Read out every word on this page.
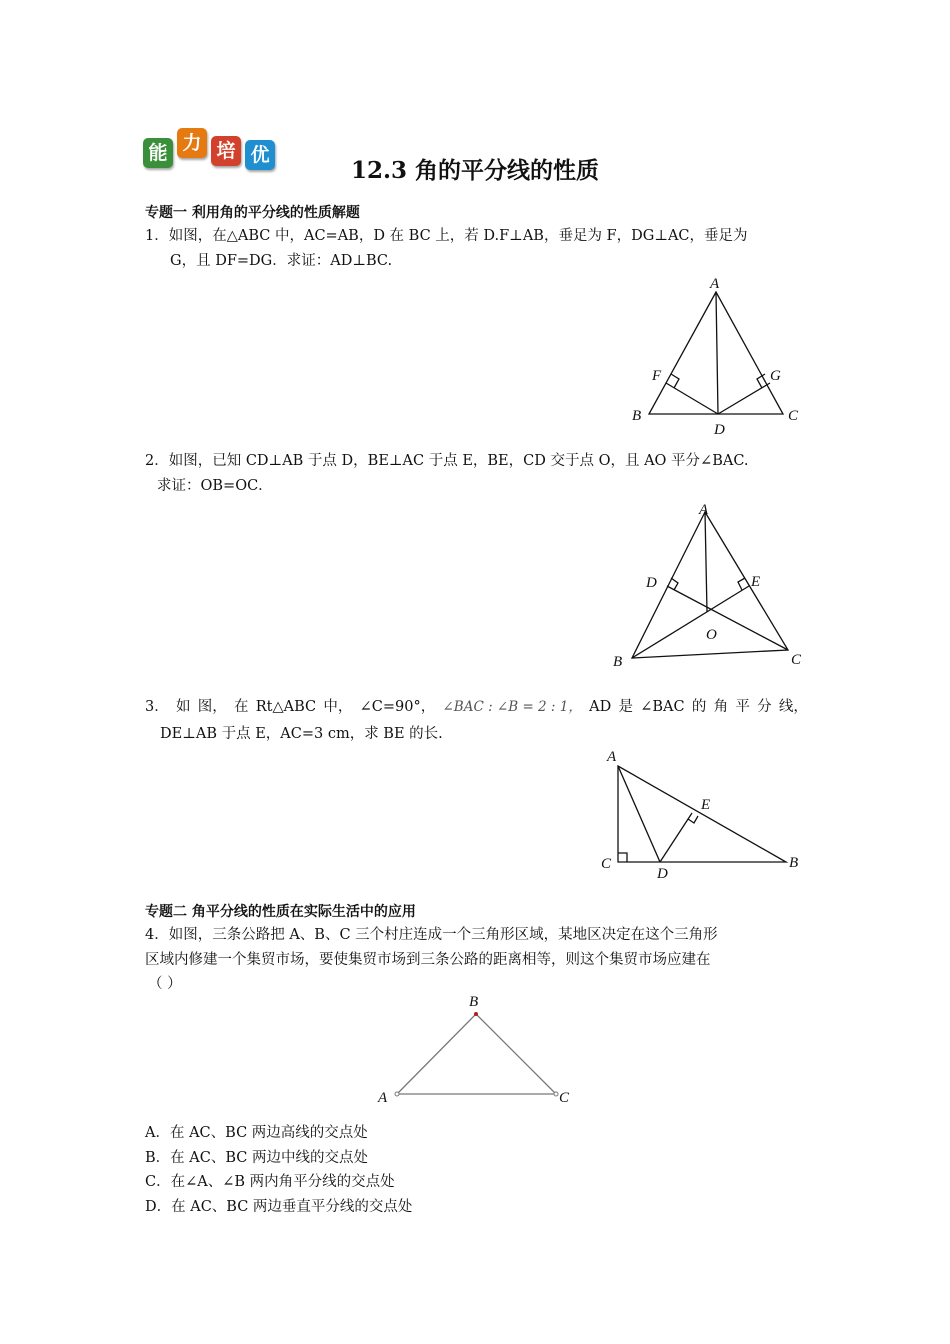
能 力 培 优
12.3 角的平分线的性质
专题一 利用角的平分线的性质解题
1．如图，在△ABC 中，AC=AB，D 在 BC 上，若 D.F⊥AB，垂足为 F，DG⊥AC，垂足为
G，且 DF=DG．求证：AD⊥BC.
A
B	C
D
F	G
2．如图，已知 CD⊥AB 于点 D，BE⊥AC 于点 E，BE，CD 交于点 O，且 AO 平分∠BAC.
求证：OB=OC．
A
B	C
D	E
O
3． 如 图， 在 Rt△ABC 中， ∠C=90°， ∠BAC : ∠B = 2 : 1， AD 是 ∠BAC 的 角 平 分 线，
DE⊥AB 于点 E，AC=3 cm，求 BE 的长.
A
B
C
D
E
专题二 角平分线的性质在实际生活中的应用
4．如图，三条公路把 A、B、C 三个村庄连成一个三角形区域，某地区决定在这个三角形
区域内修建一个集贸市场，要使集贸市场到三条公路的距离相等，则这个集贸市场应建在
（ ）
B
A	C
A．在 AC、BC 两边高线的交点处
B．在 AC、BC 两边中线的交点处
C．在∠A、∠B 两内角平分线的交点处
D．在 AC、BC 两边垂直平分线的交点处
